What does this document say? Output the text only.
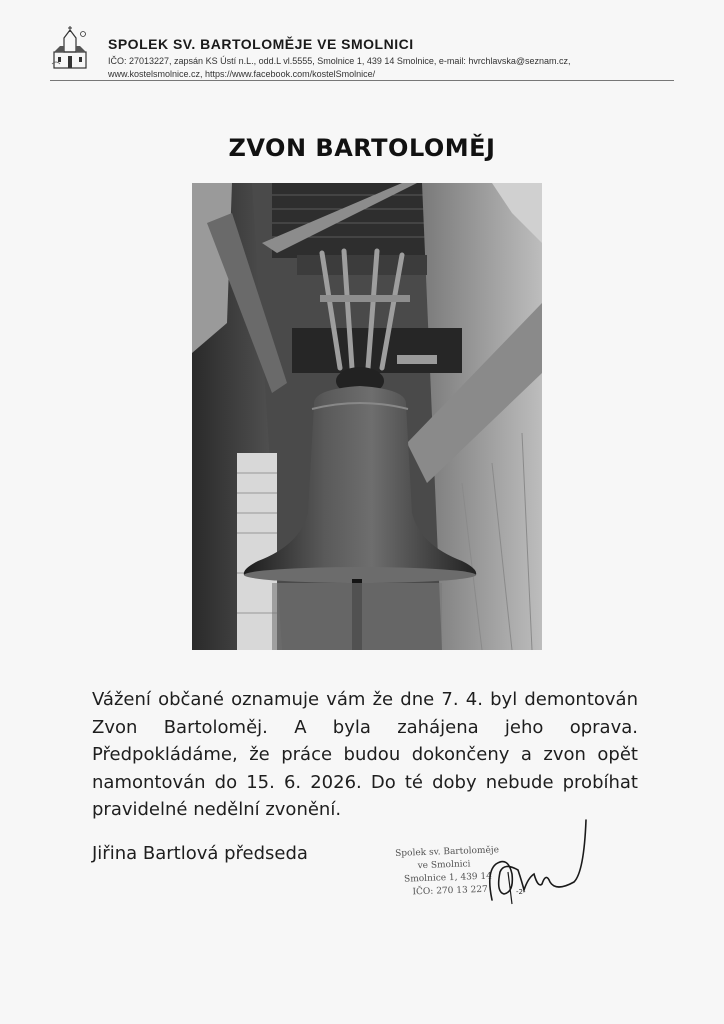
SPOLEK SV. BARTOLOMĚJE VE SMOLNICI
IČO: 27013227, zapsán KS Ústí n.L., odd.L vl.5555, Smolnice 1, 439 14 Smolnice, e-mail: hvrchlavska@seznam.cz,
www.kostelsmolnice.cz, https://www.facebook.com/kostelSmolnice/
ZVON BARTOLOMĚJ

Vážení občané oznamuje vám že dne 7. 4. byl demontován Zvon Bartoloměj. A byla zahájena jeho oprava. Předpokládáme, že práce budou dokončeny a zvon opět namontován do 15. 6. 2026. Do té doby nebude probíhat pravidelné nedělní zvonění.

Jiřina Bartlová předseda	Spolek sv. Bartoloměje
ve Smolnici
Smolnice 1, 439 14
IČO: 270 13 227	-2-
